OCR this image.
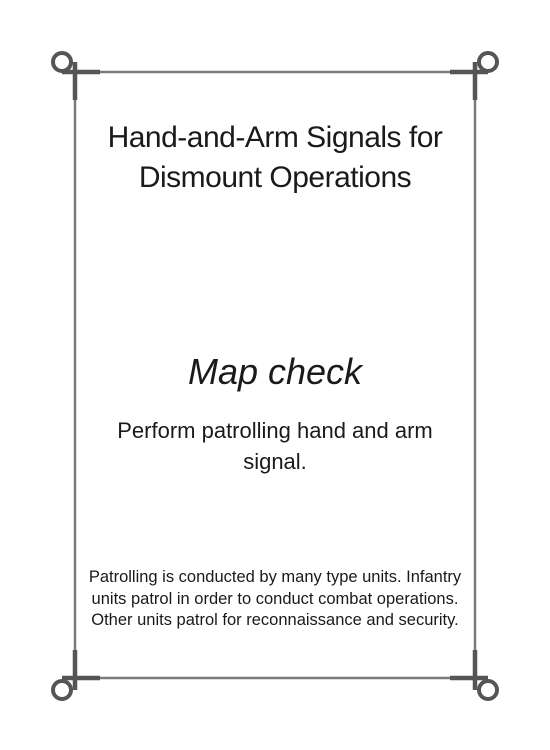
Hand-and-Arm Signals for Dismount Operations
Map check

Perform patrolling hand and arm signal.

Patrolling is conducted by many type units. Infantry units patrol in order to conduct combat operations. Other units patrol for reconnaissance and security.
